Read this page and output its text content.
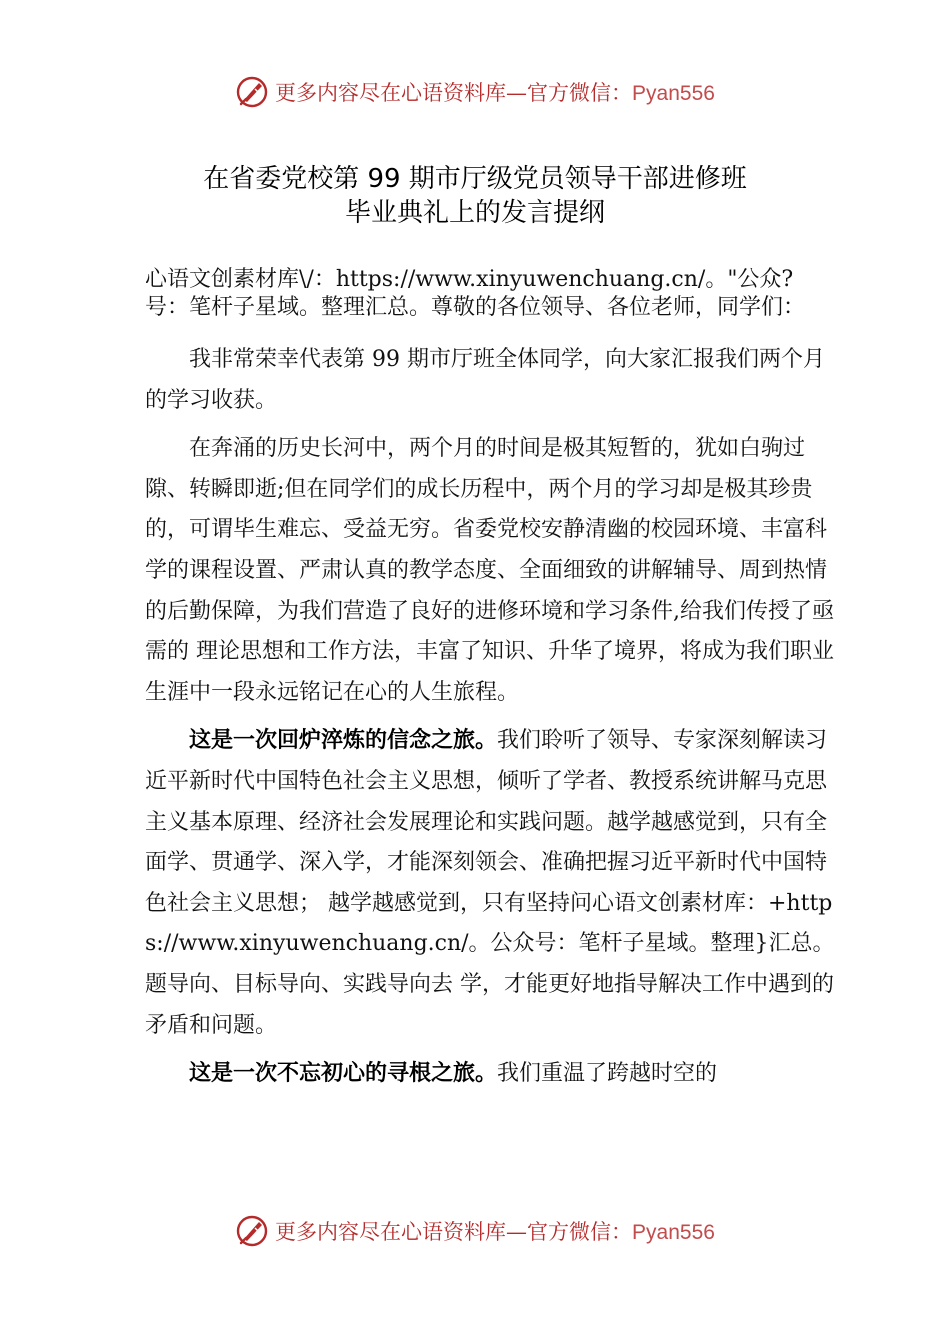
更多内容尽在心语资料库—官方微信：Pyan556
在省委党校第 99 期市厅级党员领导干部进修班
毕业典礼上的发言提纲

心语文创素材库\/：https://www.xinyuwenchuang.cn/。"公众?号：笔杆子星域。整理汇总。尊敬的各位领导、各位老师，同学们：

我非常荣幸代表第 99 期市厅班全体同学，向大家汇报我们两个月的学习收获。

在奔涌的历史长河中，两个月的时间是极其短暂的，犹如白驹过隙、转瞬即逝;但在同学们的成长历程中，两个月的学习却是极其珍贵的，可谓毕生难忘、受益无穷。省委党校安静清幽的校园环境、丰富科学的课程设置、严肃认真的教学态度、全面细致的讲解辅导、周到热情的后勤保障，为我们营造了良好的进修环境和学习条件,给我们传授了亟需的 理论思想和工作方法，丰富了知识、升华了境界，将成为我们职业生涯中一段永远铭记在心的人生旅程。

这是一次回炉淬炼的信念之旅。我们聆听了领导、专家深刻解读习近平新时代中国特色社会主义思想，倾听了学者、教授系统讲解马克思主义基本原理、经济社会发展理论和实践问题。越学越感觉到，只有全面学、贯通学、深入学，才能深刻领会、准确把握习近平新时代中国特色社会主义思想； 越学越感觉到，只有坚持问心语文创素材库：+https://www.xinyuwenchuang.cn/。公众号：笔杆子星域。整理}汇总。题导向、目标导向、实践导向去 学，才能更好地指导解决工作中遇到的矛盾和问题。

这是一次不忘初心的寻根之旅。我们重温了跨越时空的

更多内容尽在心语资料库—官方微信：Pyan556
